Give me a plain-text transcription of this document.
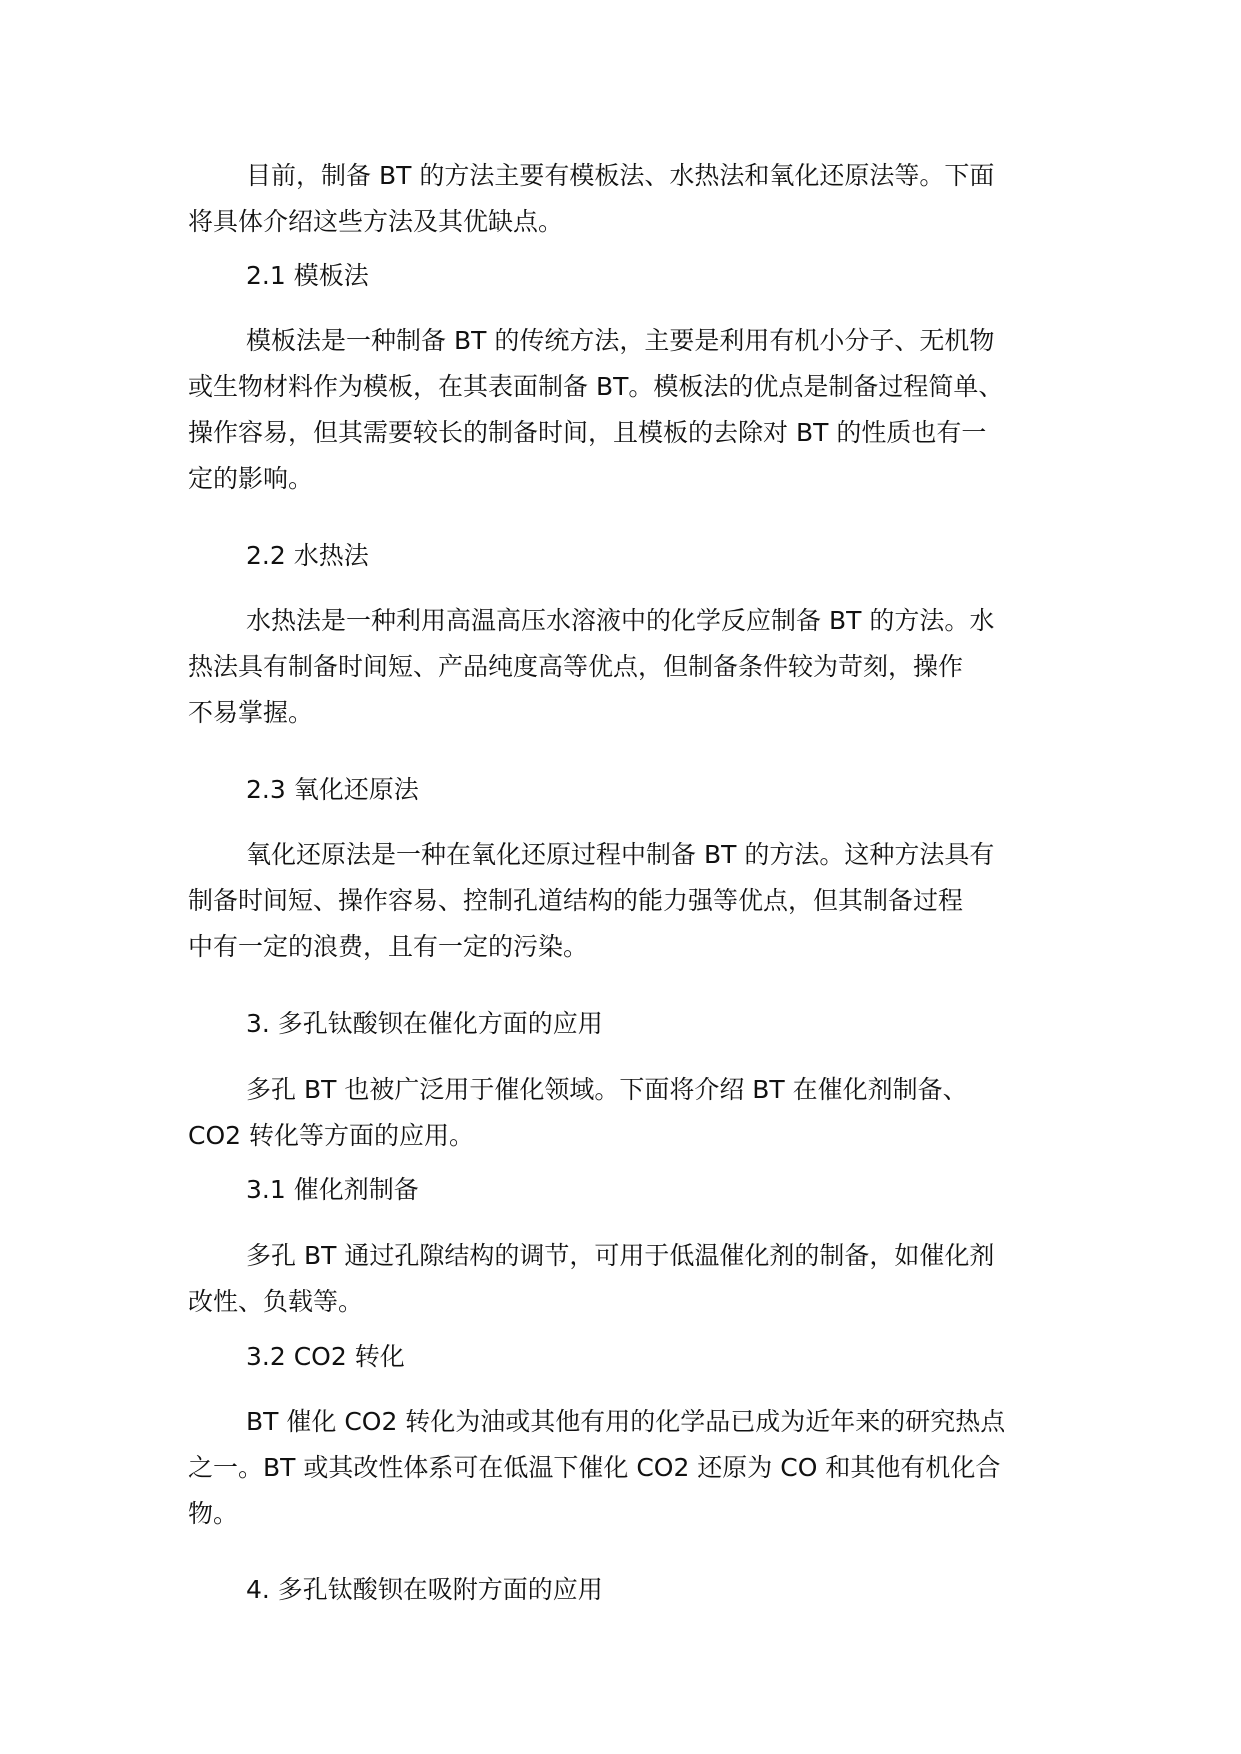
目前，制备 BT 的方法主要有模板法、水热法和氧化还原法等。下面
将具体介绍这些方法及其优缺点。
2.1 模板法
模板法是一种制备 BT 的传统方法，主要是利用有机小分子、无机物
或生物材料作为模板，在其表面制备 BT。模板法的优点是制备过程简单、
操作容易，但其需要较长的制备时间，且模板的去除对 BT 的性质也有一
定的影响。
2.2 水热法
水热法是一种利用高温高压水溶液中的化学反应制备 BT 的方法。水
热法具有制备时间短、产品纯度高等优点，但制备条件较为苛刻，操作
不易掌握。
2.3 氧化还原法
氧化还原法是一种在氧化还原过程中制备 BT 的方法。这种方法具有
制备时间短、操作容易、控制孔道结构的能力强等优点，但其制备过程
中有一定的浪费，且有一定的污染。
3. 多孔钛酸钡在催化方面的应用
多孔 BT 也被广泛用于催化领域。下面将介绍 BT 在催化剂制备、
CO2 转化等方面的应用。
3.1 催化剂制备
多孔 BT 通过孔隙结构的调节，可用于低温催化剂的制备，如催化剂
改性、负载等。
3.2 CO2 转化
BT 催化 CO2 转化为油或其他有用的化学品已成为近年来的研究热点
之一。BT 或其改性体系可在低温下催化 CO2 还原为 CO 和其他有机化合
物。
4. 多孔钛酸钡在吸附方面的应用
